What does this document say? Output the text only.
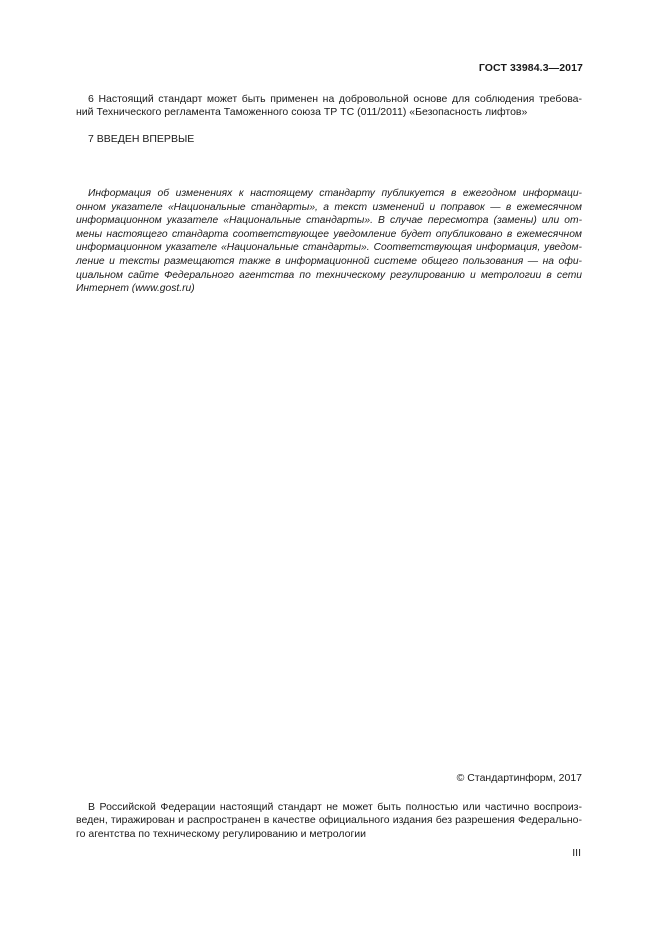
ГОСТ 33984.3—2017
6 Настоящий стандарт может быть применен на добровольной основе для соблюдения требова-
ний Технического регламента Таможенного союза ТР ТС (011/2011) «Безопасность лифтов»
7 ВВЕДЕН ВПЕРВЫЕ
Информация об изменениях к настоящему стандарту публикуется в ежегодном информаци-
онном указателе «Национальные стандарты», а текст изменений и поправок — в ежемесячном
информационном указателе «Национальные стандарты». В случае пересмотра (замены) или от-
мены настоящего стандарта соответствующее уведомление будет опубликовано в ежемесячном
информационном указателе «Национальные стандарты». Соответствующая информация, уведом-
ление и тексты размещаются также в информационной системе общего пользования — на офи-
циальном сайте Федерального агентства по техническому регулированию и метрологии в сети
Интернет (www.gost.ru)
© Стандартинформ, 2017
В Российской Федерации настоящий стандарт не может быть полностью или частично воспроиз-
веден, тиражирован и распространен в качестве официального издания без разрешения Федерально-
го агентства по техническому регулированию и метрологии
III
